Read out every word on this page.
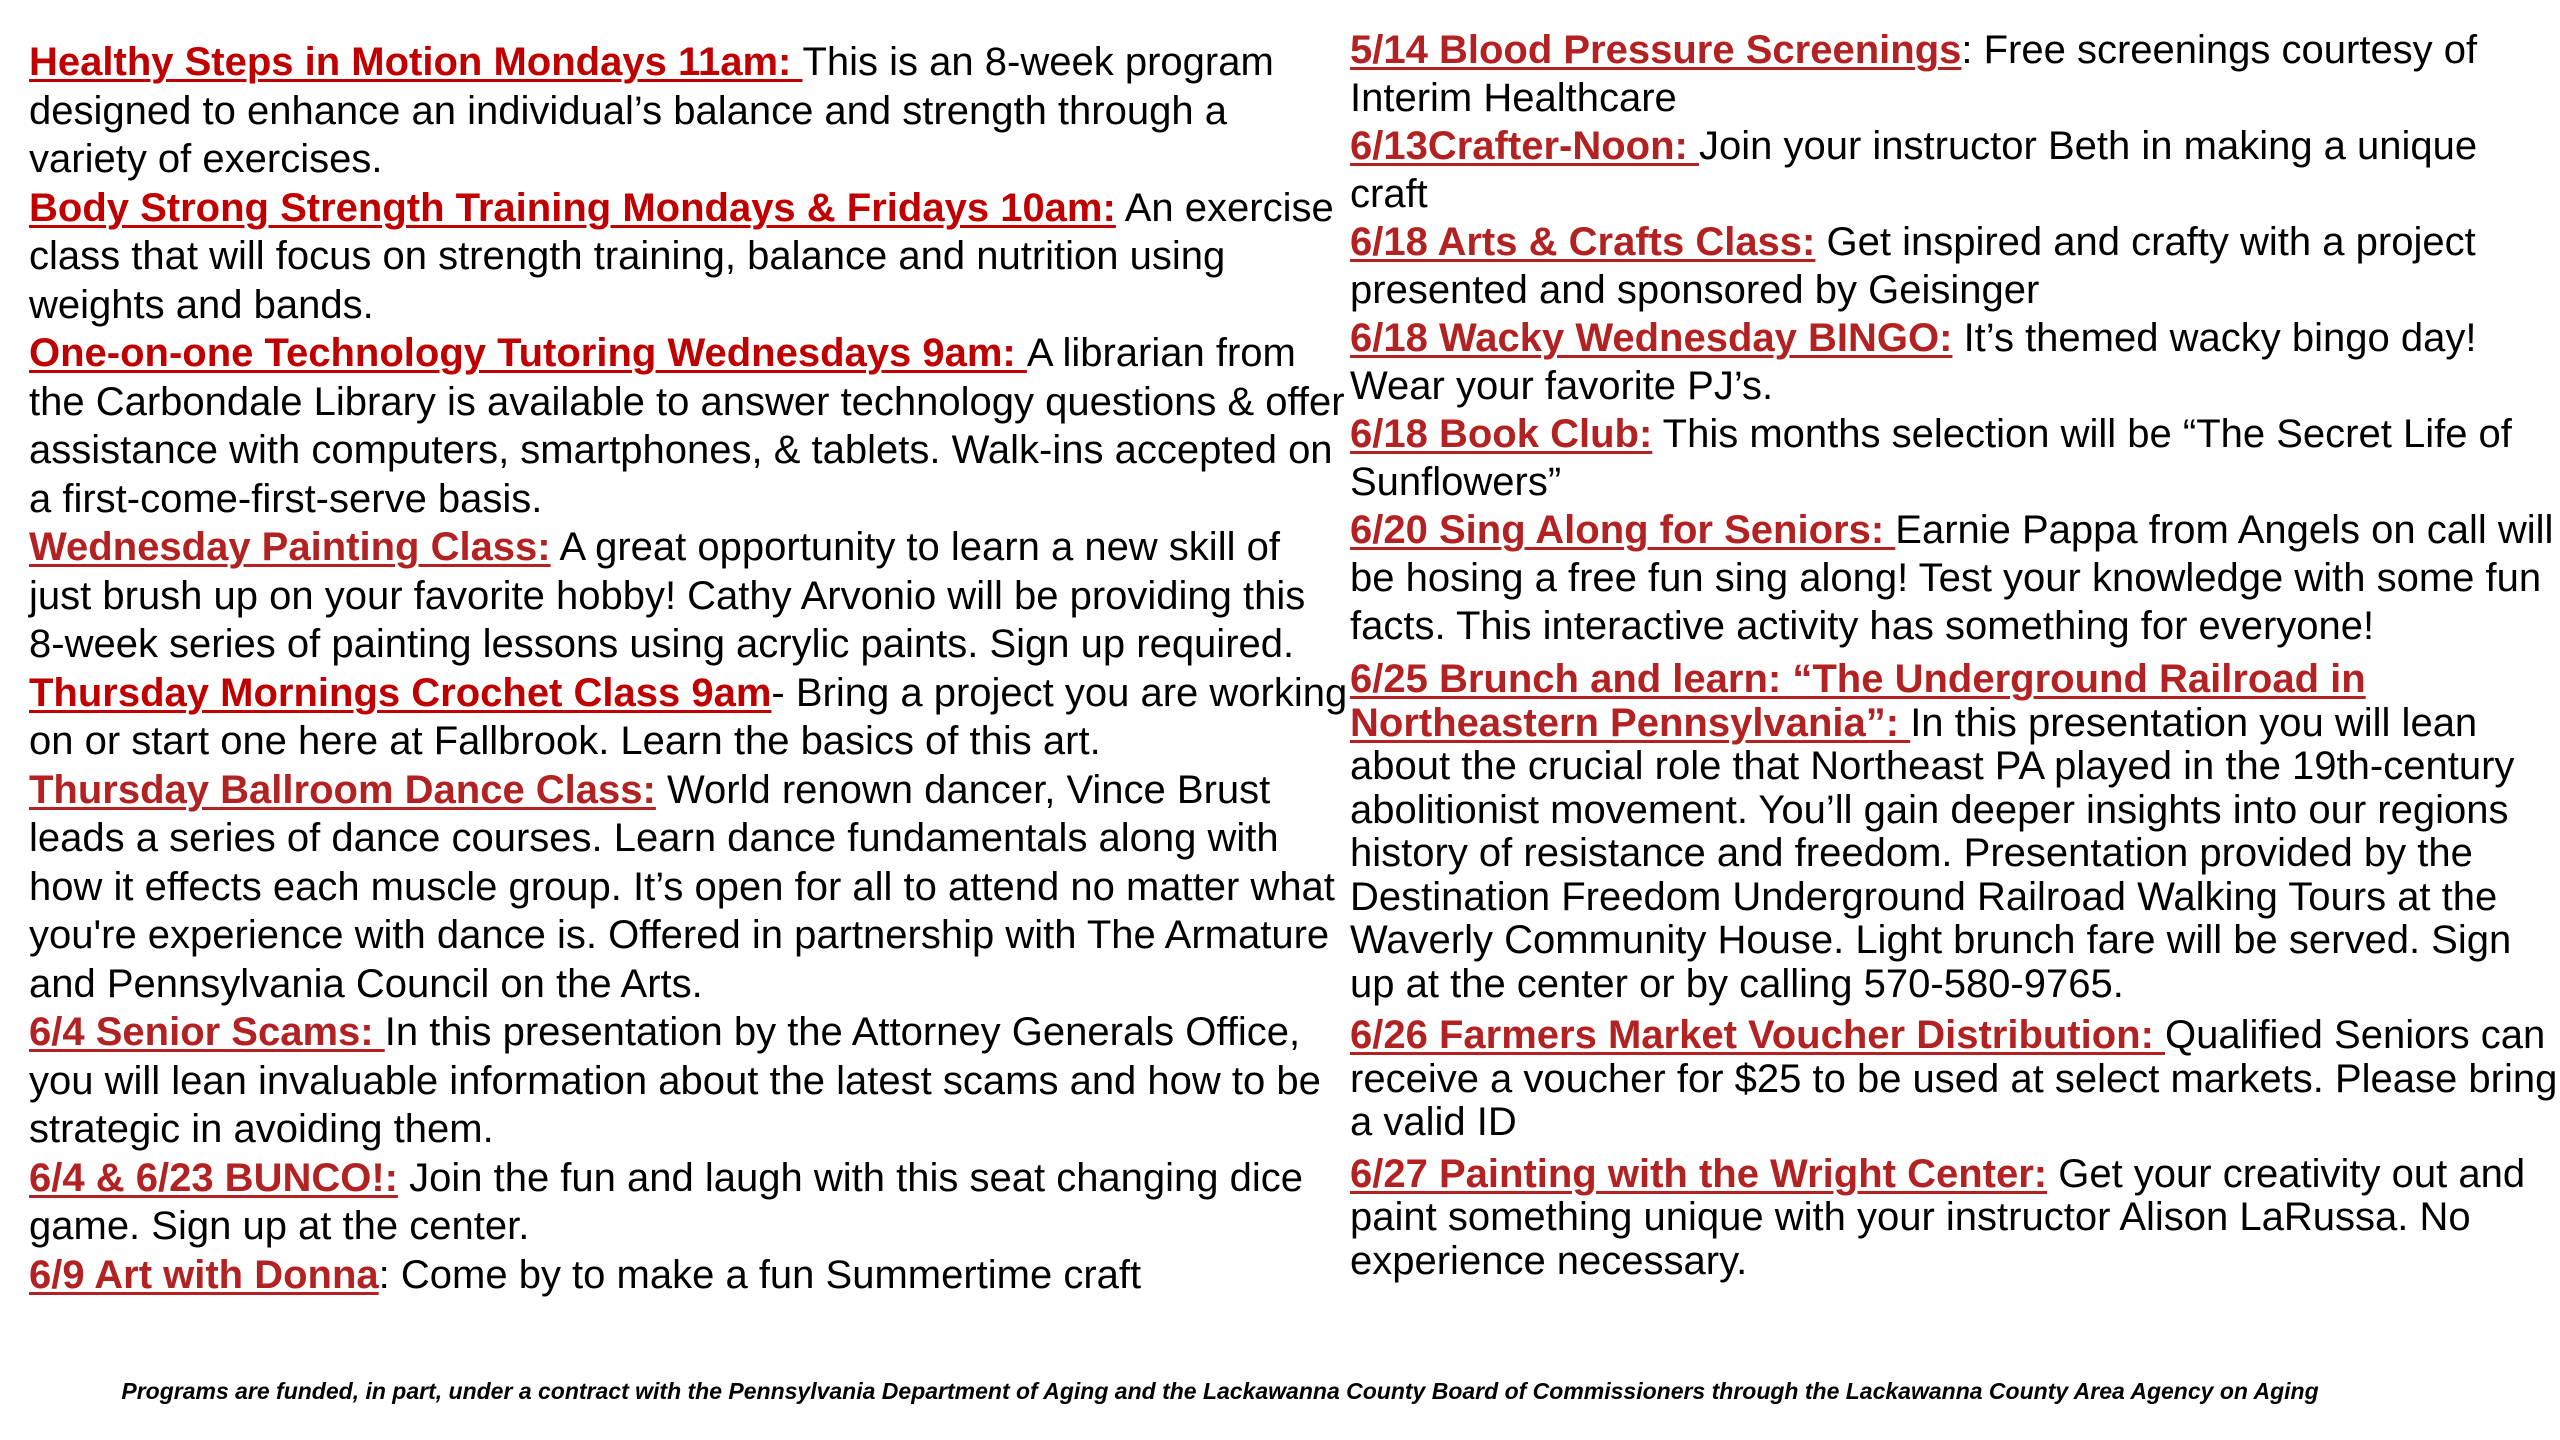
Healthy Steps in Motion Mondays 11am: This is an 8-week program designed to enhance an individual’s balance and strength through a variety of exercises.

Body Strong Strength Training Mondays & Fridays 10am: An exercise class that will focus on strength training, balance and nutrition using weights and bands.

One-on-one Technology Tutoring Wednesdays 9am: A librarian from the Carbondale Library is available to answer technology questions & offer assistance with computers, smartphones, & tablets. Walk-ins accepted on a first-come-first-serve basis.

Wednesday Painting Class: A great opportunity to learn a new skill of just brush up on your favorite hobby! Cathy Arvonio will be providing this 8-week series of painting lessons using acrylic paints. Sign up required.

Thursday Mornings Crochet Class 9am- Bring a project you are working on or start one here at Fallbrook. Learn the basics of this art.

Thursday Ballroom Dance Class: World renown dancer, Vince Brust leads a series of dance courses. Learn dance fundamentals along with how it effects each muscle group. It’s open for all to attend no matter what you're experience with dance is. Offered in partnership with The Armature and Pennsylvania Council on the Arts.

6/4 Senior Scams: In this presentation by the Attorney Generals Office, you will lean invaluable information about the latest scams and how to be strategic in avoiding them.

6/4 & 6/23 BUNCO!: Join the fun and laugh with this seat changing dice game. Sign up at the center.

6/9 Art with Donna: Come by to make a fun Summertime craft

5/14 Blood Pressure Screenings: Free screenings courtesy of Interim Healthcare

6/13Crafter-Noon: Join your instructor Beth in making a unique craft

6/18 Arts & Crafts Class: Get inspired and crafty with a project presented and sponsored by Geisinger

6/18 Wacky Wednesday BINGO: It’s themed wacky bingo day! Wear your favorite PJ’s.

6/18 Book Club: This months selection will be “The Secret Life of Sunflowers”

6/20 Sing Along for Seniors: Earnie Pappa from Angels on call will be hosing a free fun sing along! Test your knowledge with some fun facts. This interactive activity has something for everyone!

6/25 Brunch and learn: “The Underground Railroad in Northeastern Pennsylvania”: In this presentation you will lean about the crucial role that Northeast PA played in the 19th-century abolitionist movement. You’ll gain deeper insights into our regions history of resistance and freedom. Presentation provided by the Destination Freedom Underground Railroad Walking Tours at the Waverly Community House. Light brunch fare will be served. Sign up at the center or by calling 570-580-9765.

6/26 Farmers Market Voucher Distribution: Qualified Seniors can receive a voucher for $25 to be used at select markets. Please bring a valid ID

6/27 Painting with the Wright Center: Get your creativity out and paint something unique with your instructor Alison LaRussa. No experience necessary.

Programs are funded, in part, under a contract with the Pennsylvania Department of Aging and the Lackawanna County Board of Commissioners through the Lackawanna County Area Agency on Aging
